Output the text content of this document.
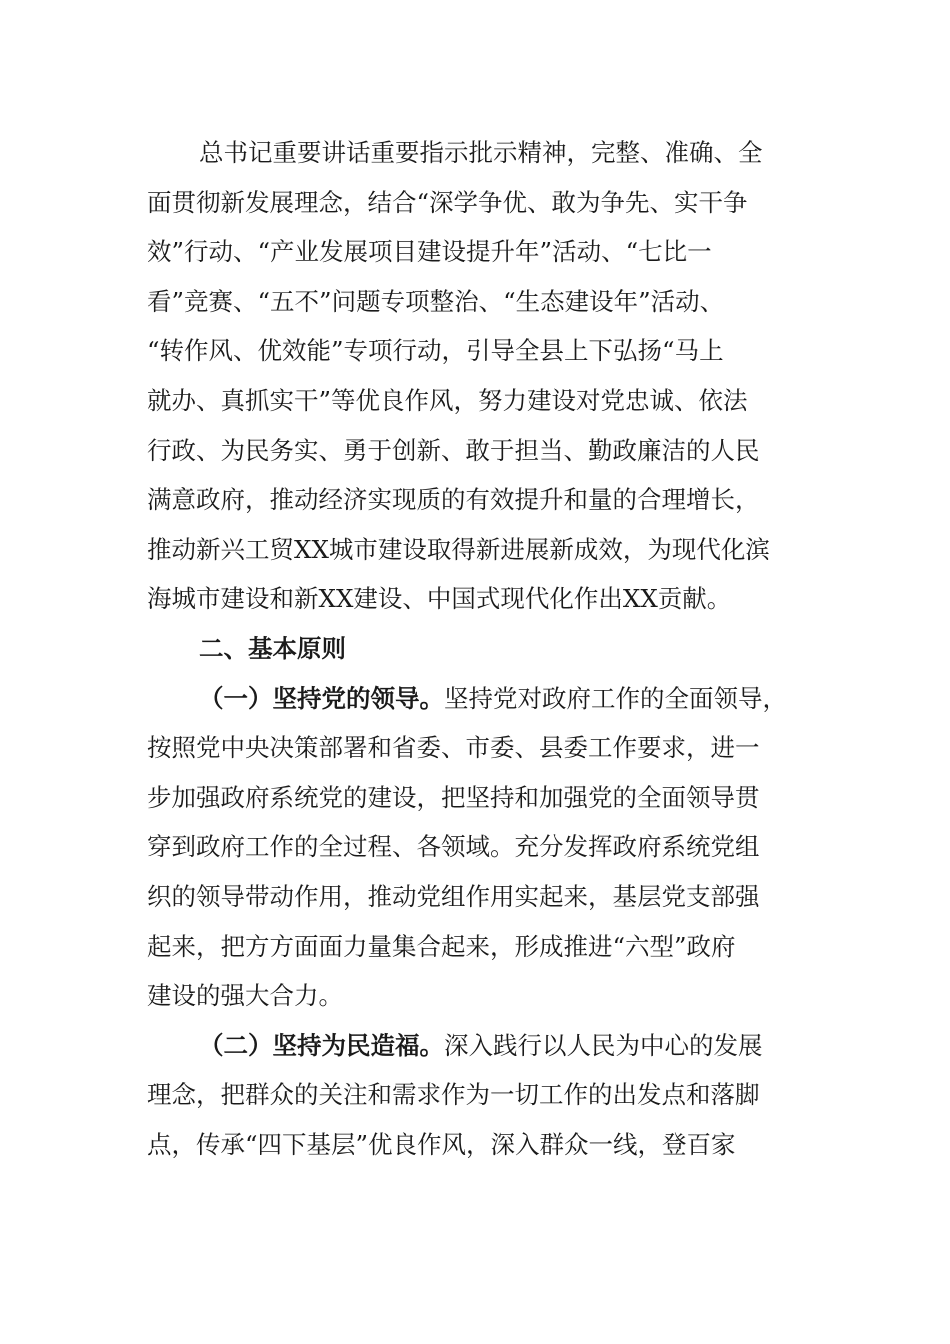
总书记重要讲话重要指示批示精神，完整、准确、全
面贯彻新发展理念，结合“深学争优、敢为争先、实干争
效”行动、“产业发展项目建设提升年”活动、“七比一
看”竞赛、“五不”问题专项整治、“生态建设年”活动、
“转作风、优效能”专项行动，引导全县上下弘扬“马上
就办、真抓实干”等优良作风，努力建设对党忠诚、依法
行政、为民务实、勇于创新、敢于担当、勤政廉洁的人民
满意政府，推动经济实现质的有效提升和量的合理增长，
推动新兴工贸XX城市建设取得新进展新成效，为现代化滨
海城市建设和新XX建设、中国式现代化作出XX贡献。
二、基本原则
（一）坚持党的领导。坚持党对政府工作的全面领导，
按照党中央决策部署和省委、市委、县委工作要求，进一
步加强政府系统党的建设，把坚持和加强党的全面领导贯
穿到政府工作的全过程、各领域。充分发挥政府系统党组
织的领导带动作用，推动党组作用实起来，基层党支部强
起来，把方方面面力量集合起来，形成推进“六型”政府
建设的强大合力。
（二）坚持为民造福。深入践行以人民为中心的发展
理念，把群众的关注和需求作为一切工作的出发点和落脚
点，传承“四下基层”优良作风，深入群众一线，登百家
